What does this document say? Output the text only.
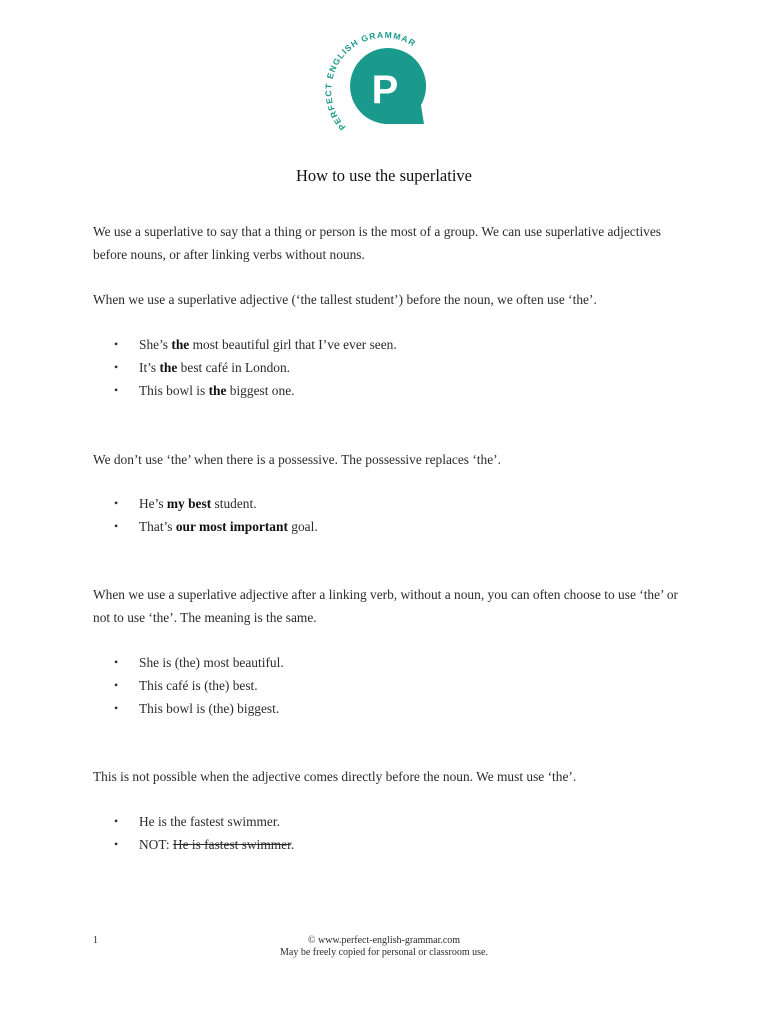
PERFECT ENGLISH GRAMMAR
P
How to use the superlative

We use a superlative to say that a thing or person is the most of a group. We can use superlative adjectives before nouns, or after linking verbs without nouns.

When we use a superlative adjective (‘the tallest student’) before the noun, we often use ‘the’.

• She’s the most beautiful girl that I’ve ever seen.
• It’s the best café in London.
• This bowl is the biggest one.

We don’t use ‘the’ when there is a possessive. The possessive replaces ‘the’.

• He’s my best student.
• That’s our most important goal.

When we use a superlative adjective after a linking verb, without a noun, you can often choose to use ‘the’ or not to use ‘the’. The meaning is the same.

• She is (the) most beautiful.
• This café is (the) best.
• This bowl is (the) biggest.

This is not possible when the adjective comes directly before the noun. We must use ‘the’.

• He is the fastest swimmer.
• NOT: He is fastest swimmer.
1	© www.perfect-english-grammar.com
May be freely copied for personal or classroom use.
